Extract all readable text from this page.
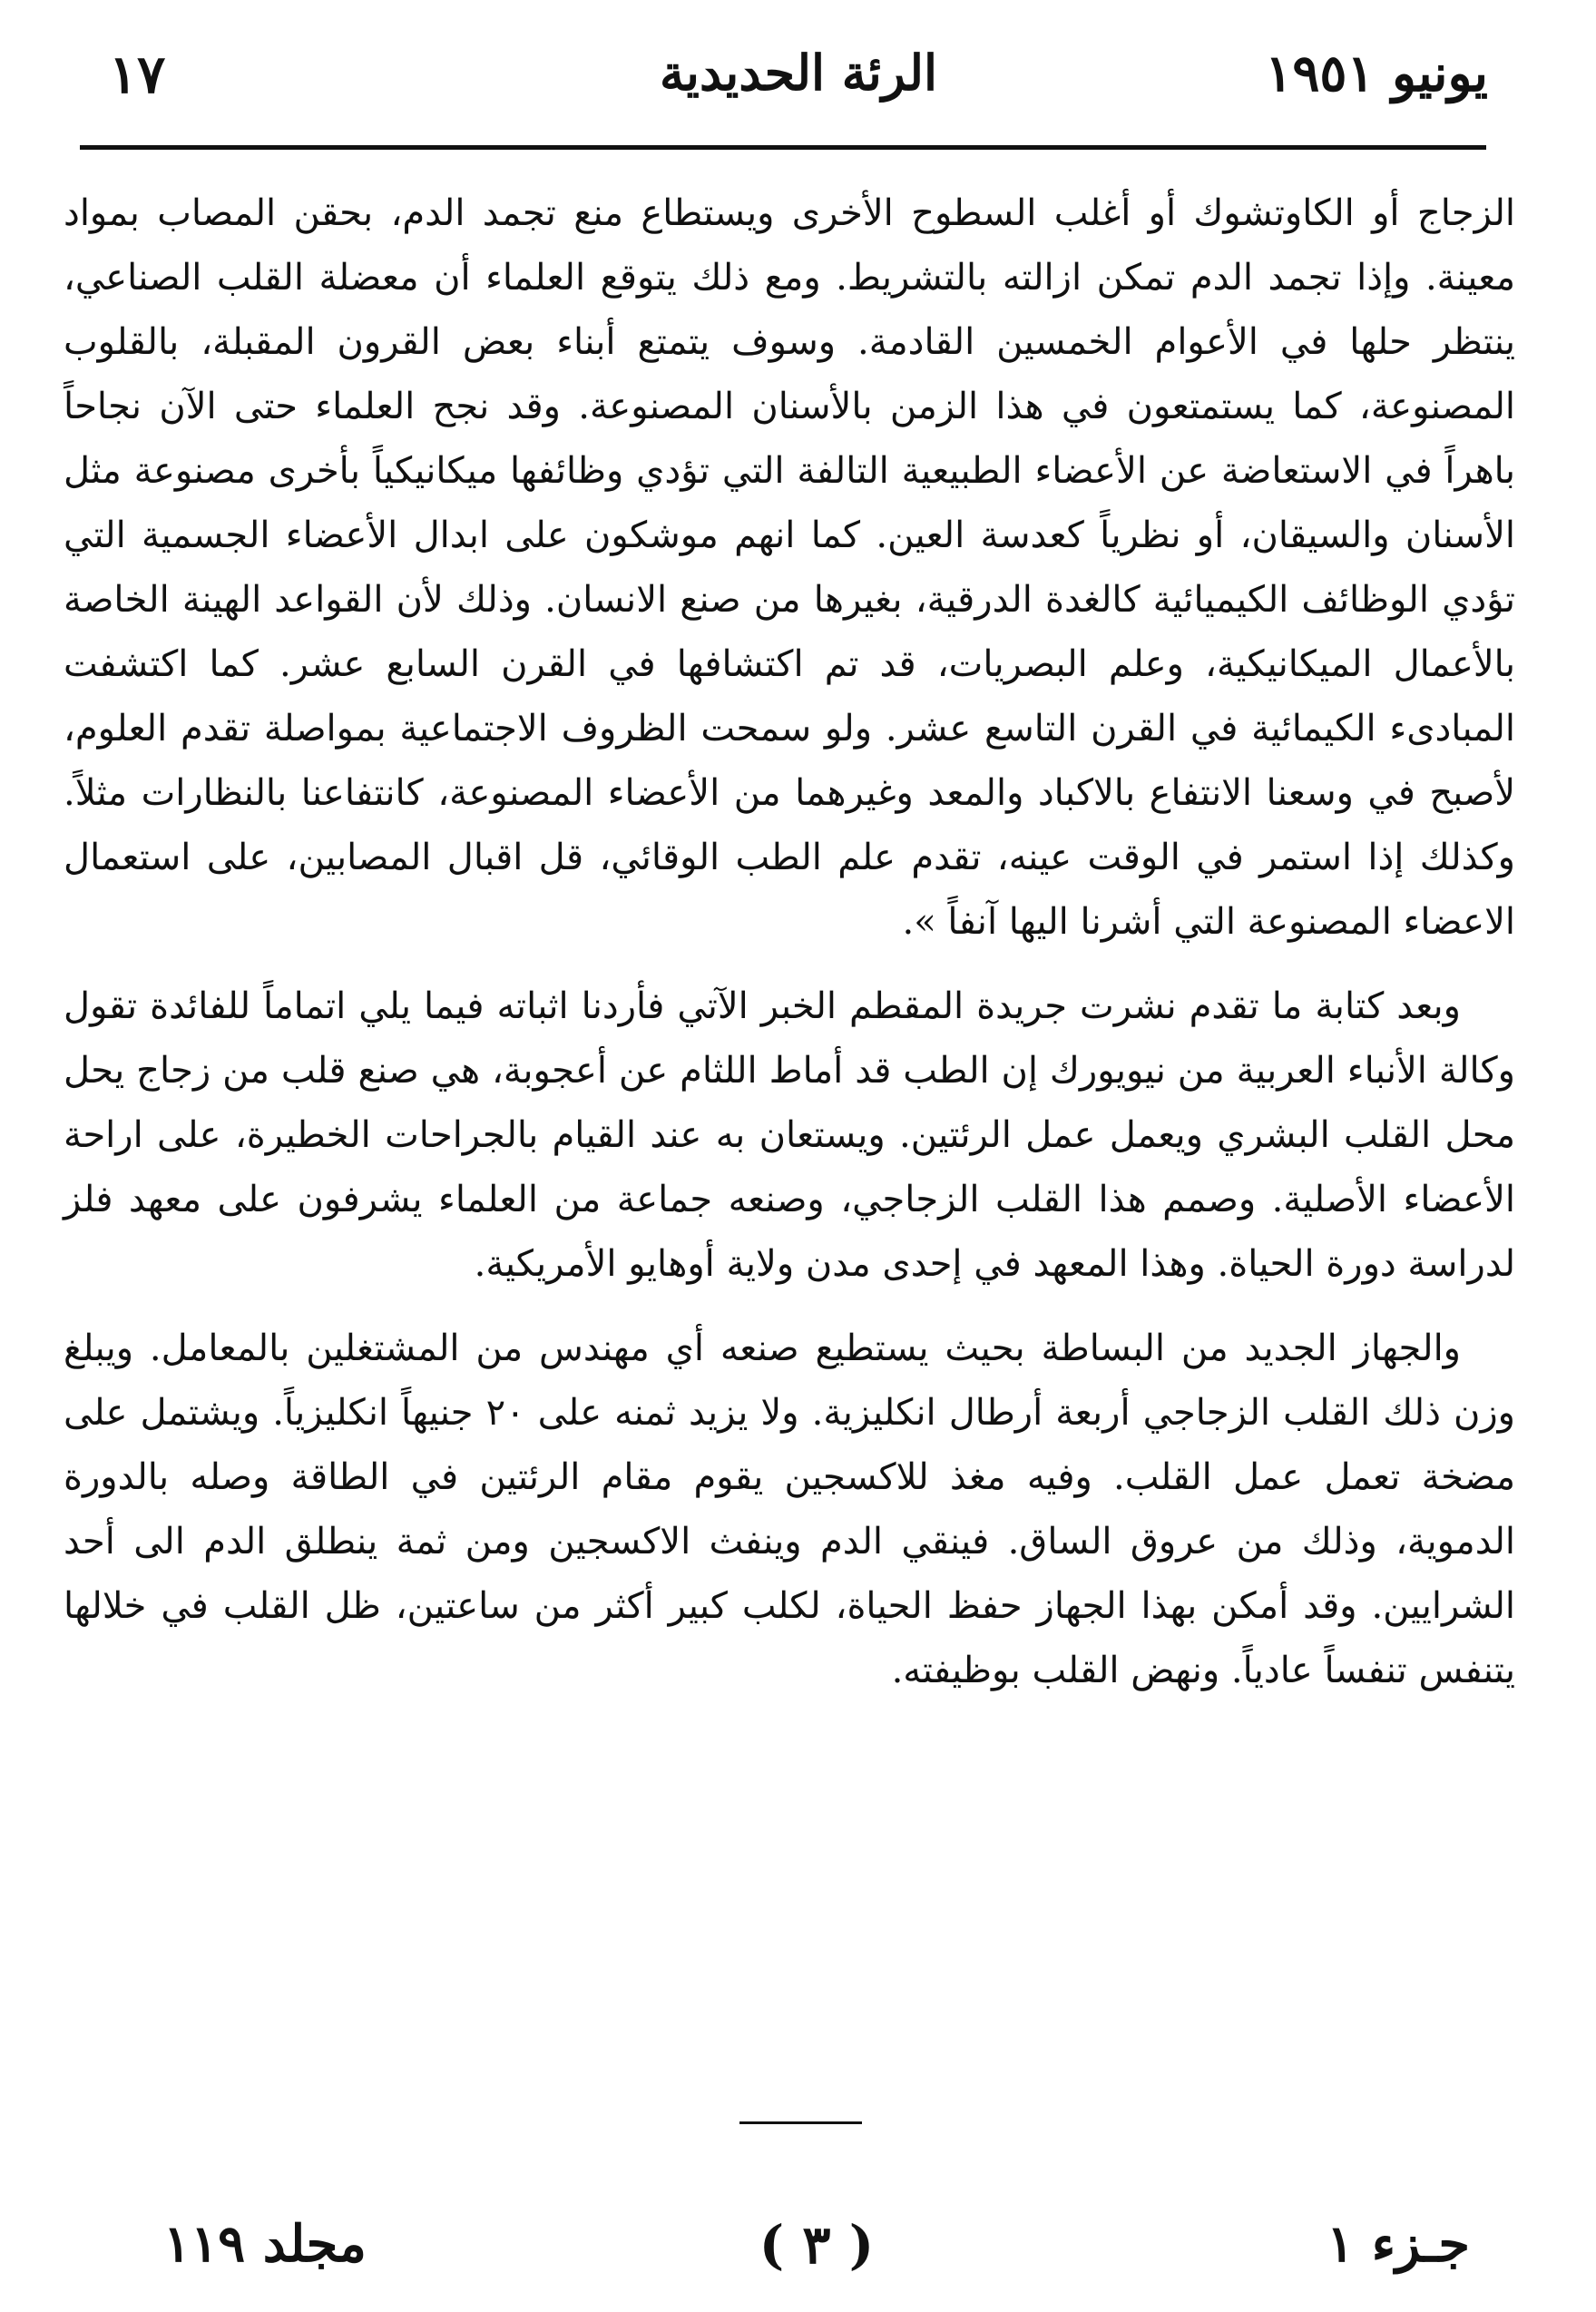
يونيو ١٩٥١
الرئة الحديدية
١٧

الزجاج أو الكاوتشوك أو أغلب السطوح الأخرى ويستطاع منع تجمد الدم، بحقن المصاب بمواد معينة. وإذا تجمد الدم تمكن ازالته بالتشريط. ومع ذلك يتوقع العلماء أن معضلة القلب الصناعي، ينتظر حلها في الأعوام الخمسين القادمة. وسوف يتمتع أبناء بعض القرون المقبلة، بالقلوب المصنوعة، كما يستمتعون في هذا الزمن بالأسنان المصنوعة. وقد نجح العلماء حتى الآن نجاحاً باهراً في الاستعاضة عن الأعضاء الطبيعية التالفة التي تؤدي وظائفها ميكانيكياً بأخرى مصنوعة مثل الأسنان والسيقان، أو نظرياً كعدسة العين. كما انهم موشكون على ابدال الأعضاء الجسمية التي تؤدي الوظائف الكيميائية كالغدة الدرقية، بغيرها من صنع الانسان. وذلك لأن القواعد الهينة الخاصة بالأعمال الميكانيكية، وعلم البصريات، قد تم اكتشافها في القرن السابع عشر. كما اكتشفت المبادىء الكيمائية في القرن التاسع عشر. ولو سمحت الظروف الاجتماعية بمواصلة تقدم العلوم، لأصبح في وسعنا الانتفاع بالاكباد والمعد وغيرهما من الأعضاء المصنوعة، كانتفاعنا بالنظارات مثلاً. وكذلك إذا استمر في الوقت عينه، تقدم علم الطب الوقائي، قل اقبال المصابين، على استعمال الاعضاء المصنوعة التي أشرنا اليها آنفاً ».

وبعد كتابة ما تقدم نشرت جريدة المقطم الخبر الآتي فأردنا اثباته فيما يلي اتماماً للفائدة تقول وكالة الأنباء العربية من نيويورك إن الطب قد أماط اللثام عن أعجوبة، هي صنع قلب من زجاج يحل محل القلب البشري ويعمل عمل الرئتين. ويستعان به عند القيام بالجراحات الخطيرة، على اراحة الأعضاء الأصلية. وصمم هذا القلب الزجاجي، وصنعه جماعة من العلماء يشرفون على معهد فلز لدراسة دورة الحياة. وهذا المعهد في إحدى مدن ولاية أوهايو الأمريكية.

والجهاز الجديد من البساطة بحيث يستطيع صنعه أي مهندس من المشتغلين بالمعامل. ويبلغ وزن ذلك القلب الزجاجي أربعة أرطال انكليزية. ولا يزيد ثمنه على ٢٠ جنيهاً انكليزياً. ويشتمل على مضخة تعمل عمل القلب. وفيه مغذ للاكسجين يقوم مقام الرئتين في الطاقة وصله بالدورة الدموية، وذلك من عروق الساق. فينقي الدم وينفث الاكسجين ومن ثمة ينطلق الدم الى أحد الشرايين. وقد أمكن بهذا الجهاز حفظ الحياة، لكلب كبير أكثر من ساعتين، ظل القلب في خلالها يتنفس تنفساً عادياً. ونهض القلب بوظيفته.

جـزء ١
( ٣ )
مجلد ١١٩
